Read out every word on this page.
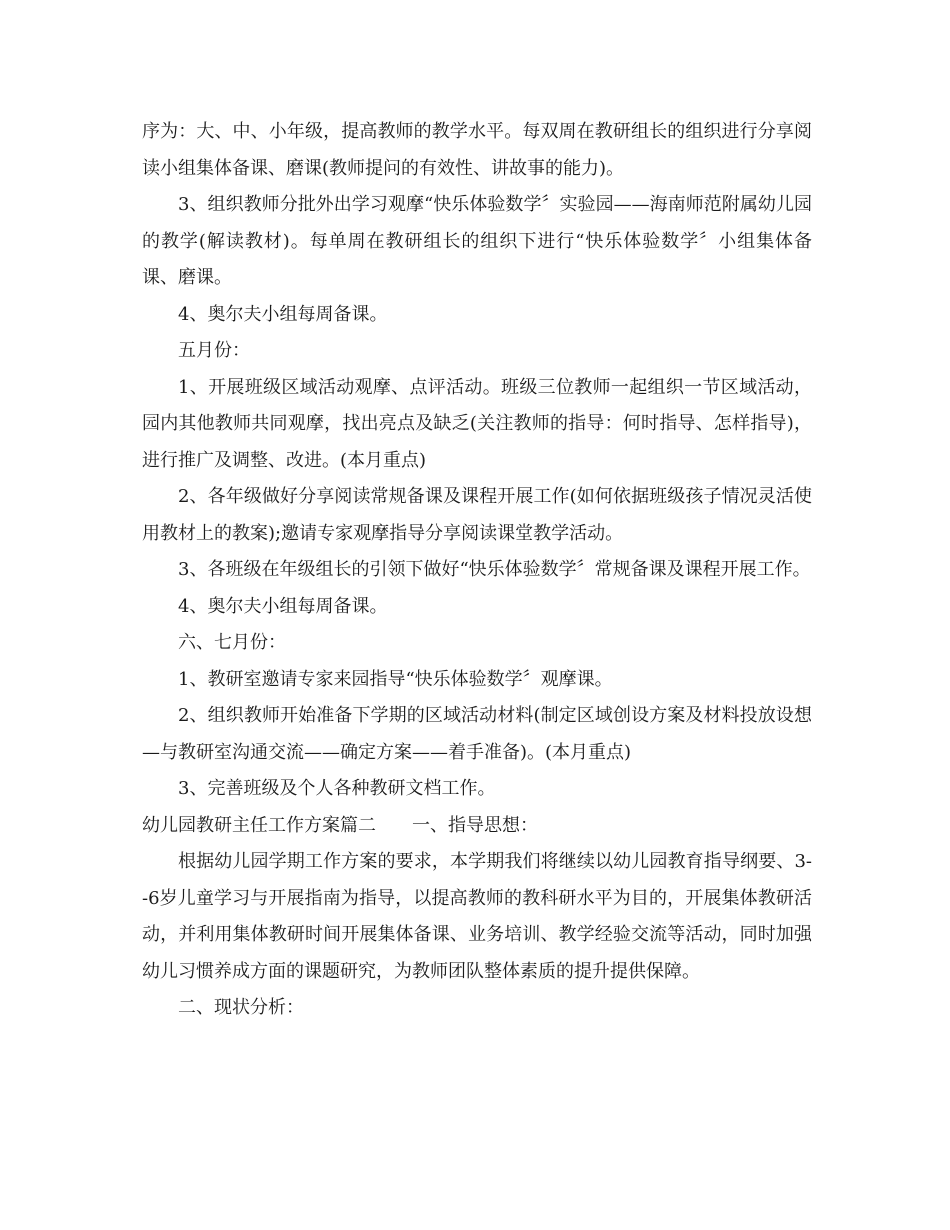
序为：大、中、小年级，提高教师的教学水平。每双周在教研组长的组织进行分享阅读小组集体备课、磨课(教师提问的有效性、讲故事的能力)。

3、组织教师分批外出学习观摩“快乐体验数学〞实验园——海南师范附属幼儿园的教学(解读教材)。每单周在教研组长的组织下进行“快乐体验数学〞小组集体备课、磨课。

4、奥尔夫小组每周备课。

五月份：

1、开展班级区域活动观摩、点评活动。班级三位教师一起组织一节区域活动，园内其他教师共同观摩，找出亮点及缺乏(关注教师的指导：何时指导、怎样指导)，进行推广及调整、改进。(本月重点)

2、各年级做好分享阅读常规备课及课程开展工作(如何依据班级孩子情况灵活使用教材上的教案);邀请专家观摩指导分享阅读课堂教学活动。

3、各班级在年级组长的引领下做好“快乐体验数学〞常规备课及课程开展工作。

4、奥尔夫小组每周备课。

六、七月份：

1、教研室邀请专家来园指导“快乐体验数学〞观摩课。

2、组织教师开始准备下学期的区域活动材料(制定区域创设方案及材料投放设想—与教研室沟通交流——确定方案——着手准备)。(本月重点)

3、完善班级及个人各种教研文档工作。

幼儿园教研主任工作方案篇二 一、指导思想：

根据幼儿园学期工作方案的要求，本学期我们将继续以幼儿园教育指导纲要、3--6岁儿童学习与开展指南为指导，以提高教师的教科研水平为目的，开展集体教研活动，并利用集体教研时间开展集体备课、业务培训、教学经验交流等活动，同时加强幼儿习惯养成方面的课题研究，为教师团队整体素质的提升提供保障。

二、现状分析：
